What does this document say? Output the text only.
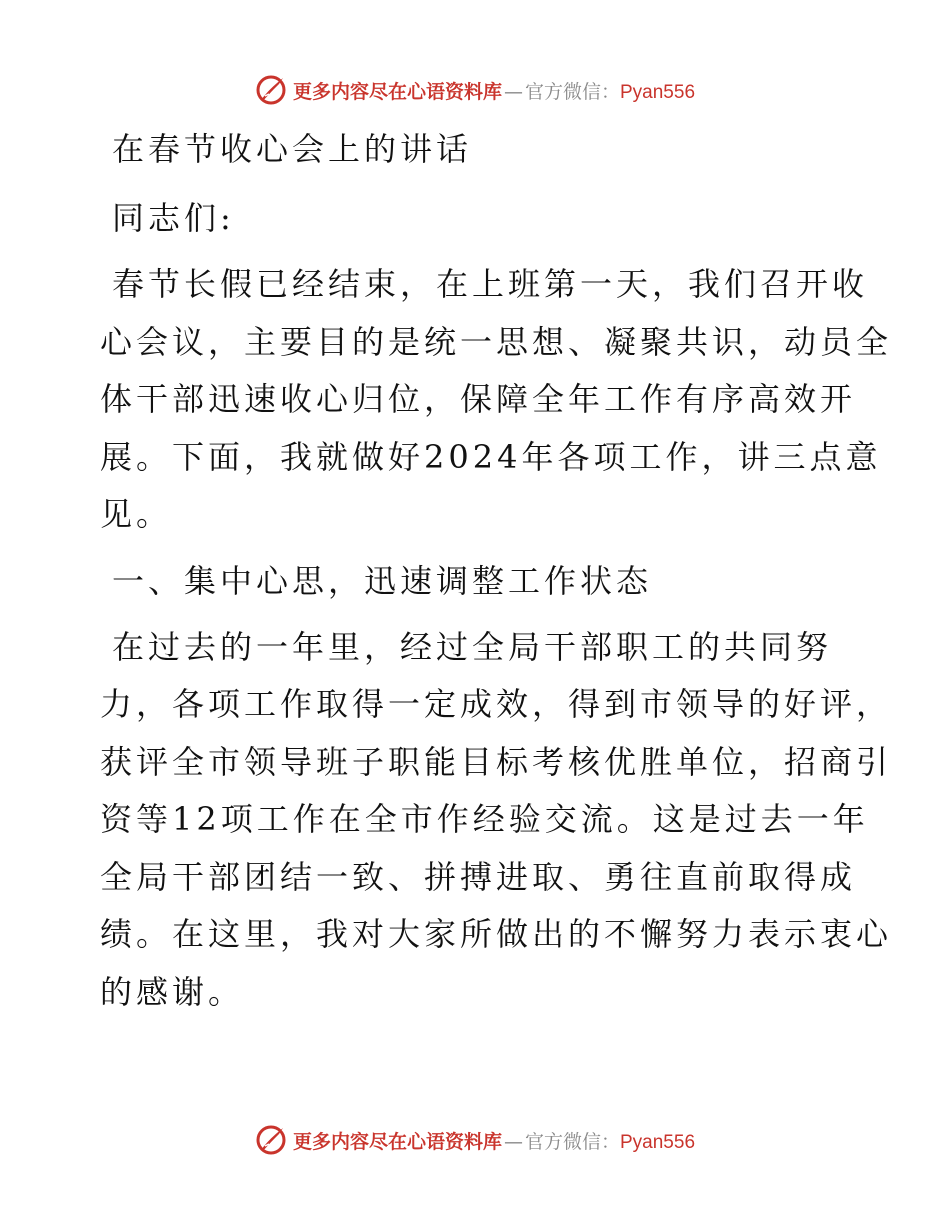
更多内容尽在心语资料库 — 官方微信： Pyan556
在春节收心会上的讲话
同志们:
春节长假已经结束，在上班第一天，我们召开收
心会议，主要目的是统一思想、凝聚共识，动员全
体干部迅速收心归位，保障全年工作有序高效开
展。下面，我就做好2024年各项工作，讲三点意
见。
一、集中心思，迅速调整工作状态
在过去的一年里，经过全局干部职工的共同努
力，各项工作取得一定成效，得到市领导的好评，
获评全市领导班子职能目标考核优胜单位，招商引
资等12项工作在全市作经验交流。这是过去一年
全局干部团结一致、拼搏进取、勇往直前取得成
绩。在这里，我对大家所做出的不懈努力表示衷心
的感谢。
更多内容尽在心语资料库 — 官方微信： Pyan556
